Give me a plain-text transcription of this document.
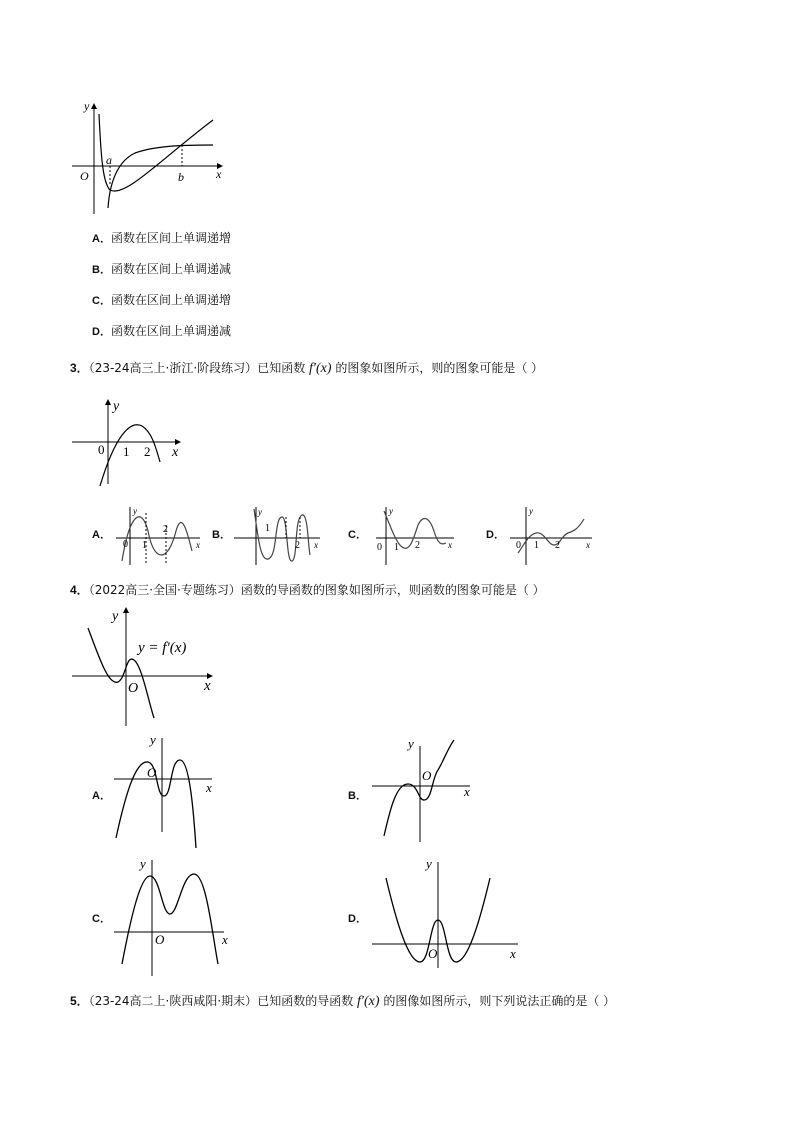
y
a
O	b	x
A．函数在区间上单调递增
B．函数在区间上单调递减
C．函数在区间上单调递增
D．函数在区间上单调递减
3．（23-24高三上·浙江·阶段练习）已知函数 f′(x) 的图象如图所示，则的图象可能是（ ）
y
0 1 2 x
A．
y
0 1
2
x
B．
y
1
2 x
C．
y
0 1 2	x
D．
y
0 1 2	x
4．（2022高三·全国·专题练习）函数的导函数的图象如图所示，则函数的图象可能是（ ）
y
y = f′(x)
O	x
A．
y
O
x
B．
y
O
x
C．
y
O	x
D．
y
O	x
5．（23-24高二上·陕西咸阳·期末）已知函数的导函数 f′(x) 的图像如图所示，则下列说法正确的是（ ）
